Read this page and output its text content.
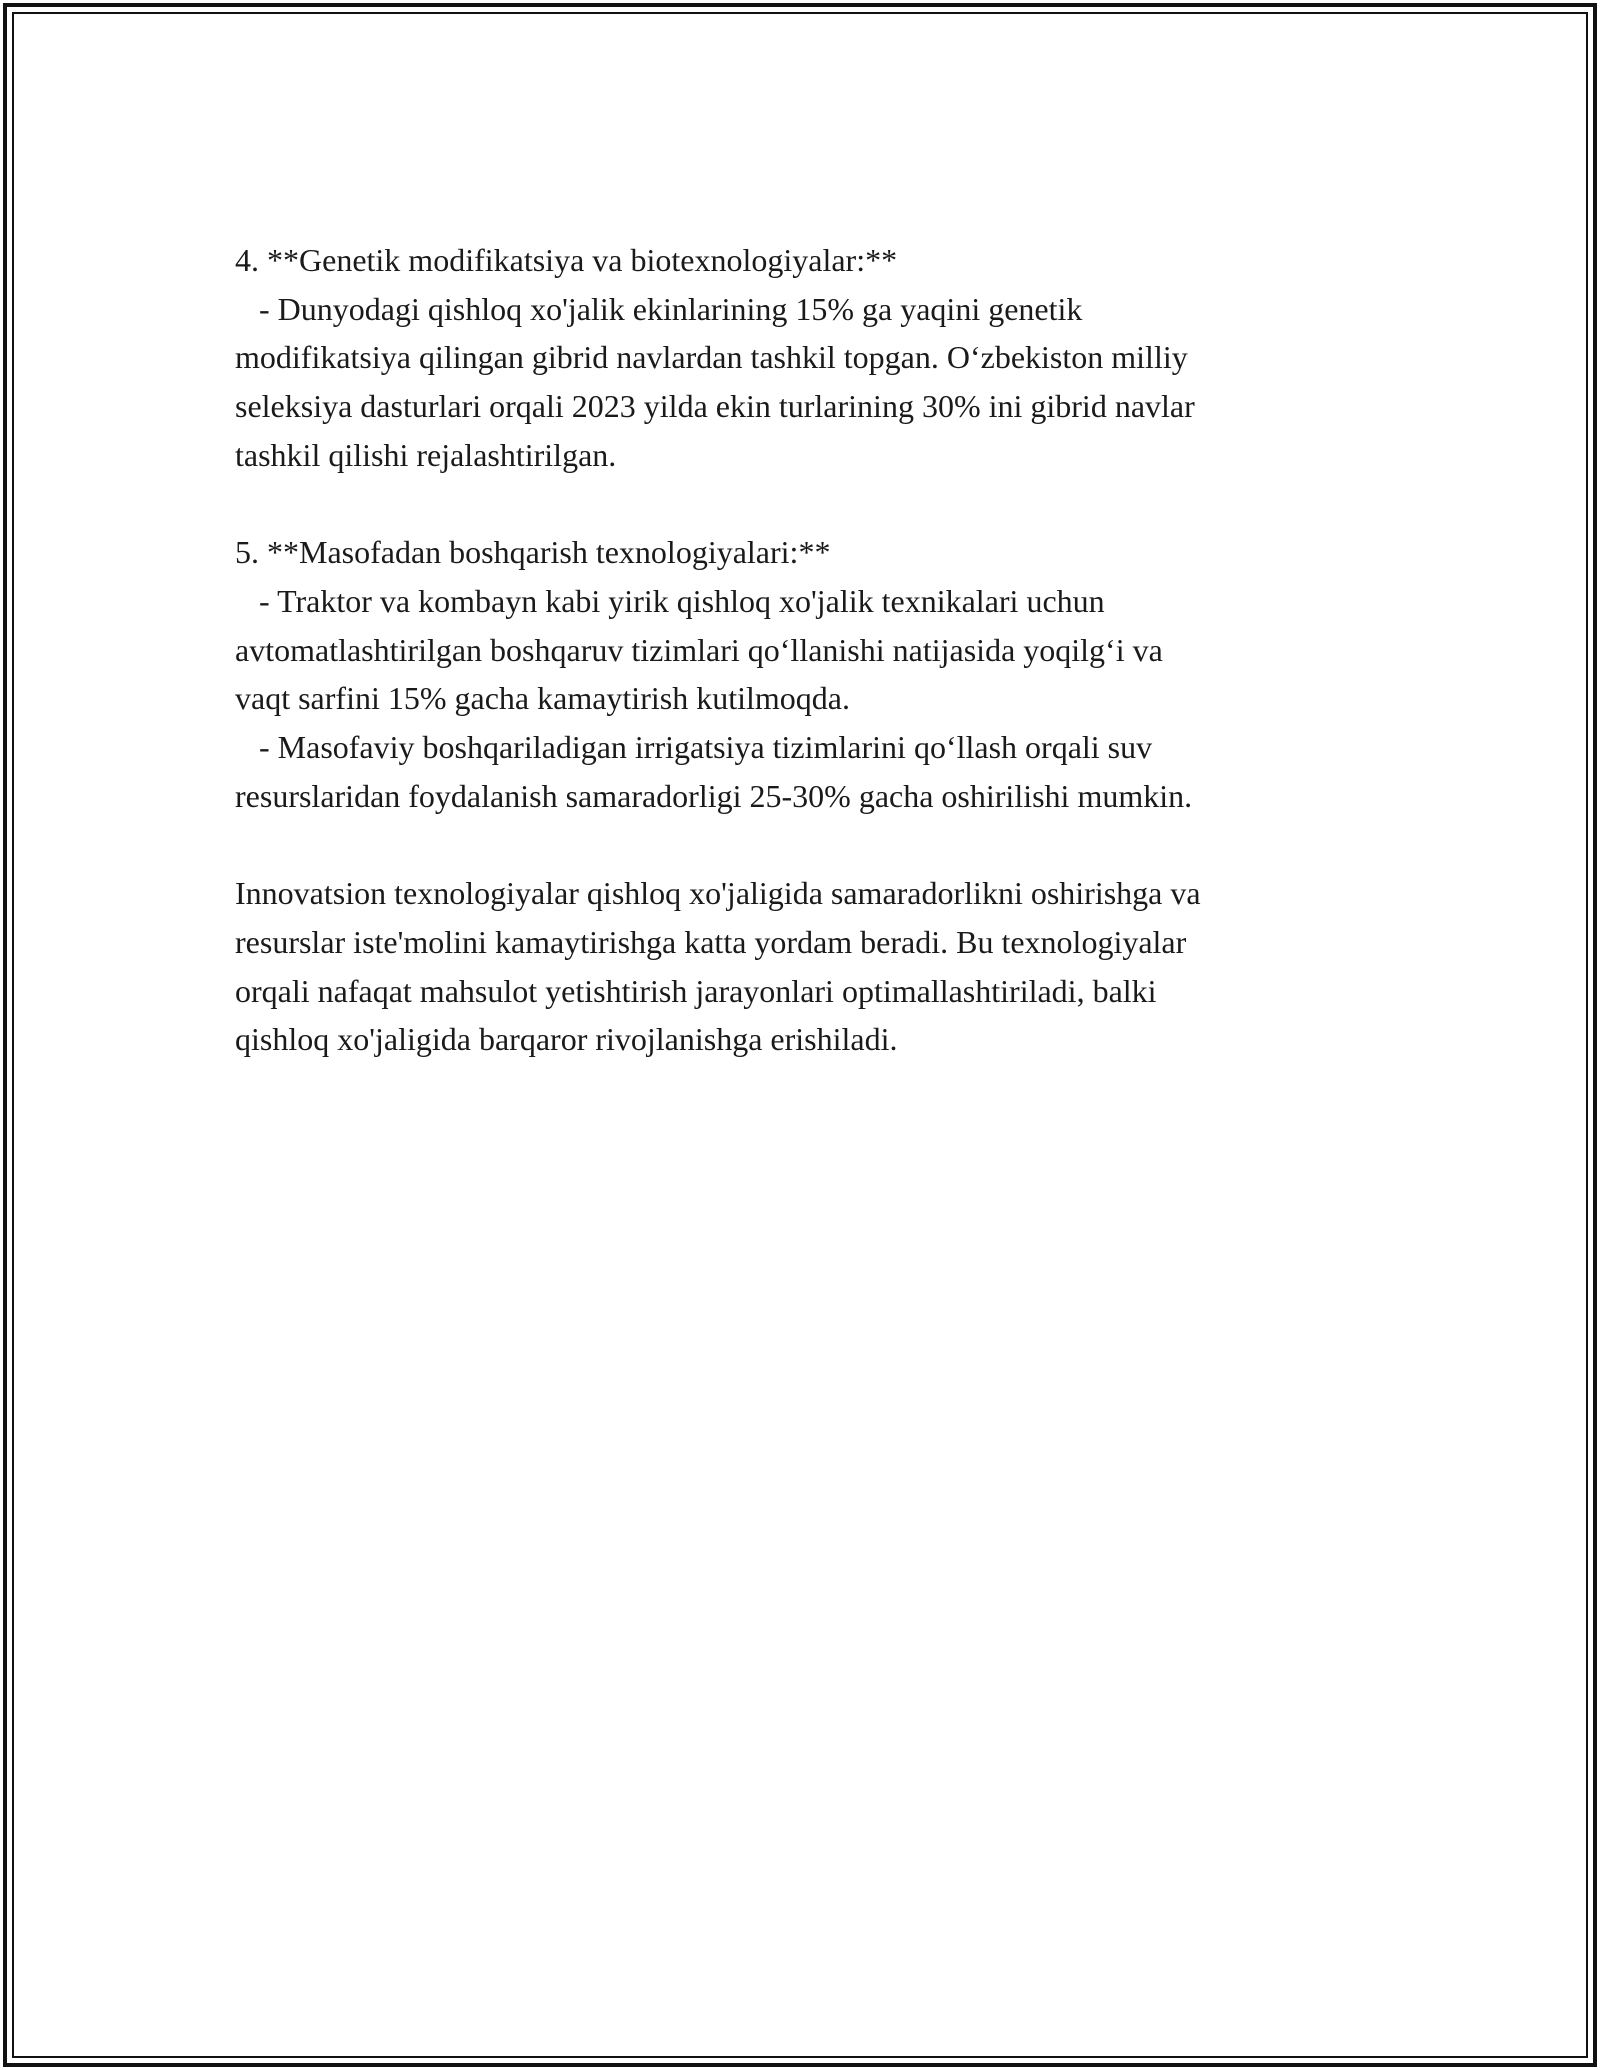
4. **Genetik modifikatsiya va biotexnologiyalar:**

- Dunyodagi qishloq xo'jalik ekinlarining 15% ga yaqini genetik

modifikatsiya qilingan gibrid navlardan tashkil topgan. O‘zbekiston milliy

seleksiya dasturlari orqali 2023 yilda ekin turlarining 30% ini gibrid navlar

tashkil qilishi rejalashtirilgan.

5. **Masofadan boshqarish texnologiyalari:**

- Traktor va kombayn kabi yirik qishloq xo'jalik texnikalari uchun

avtomatlashtirilgan boshqaruv tizimlari qo‘llanishi natijasida yoqilg‘i va

vaqt sarfini 15% gacha kamaytirish kutilmoqda.

- Masofaviy boshqariladigan irrigatsiya tizimlarini qo‘llash orqali suv

resurslaridan foydalanish samaradorligi 25-30% gacha oshirilishi mumkin.

Innovatsion texnologiyalar qishloq xo'jaligida samaradorlikni oshirishga va

resurslar iste'molini kamaytirishga katta yordam beradi. Bu texnologiyalar

orqali nafaqat mahsulot yetishtirish jarayonlari optimallashtiriladi, balki

qishloq xo'jaligida barqaror rivojlanishga erishiladi.
